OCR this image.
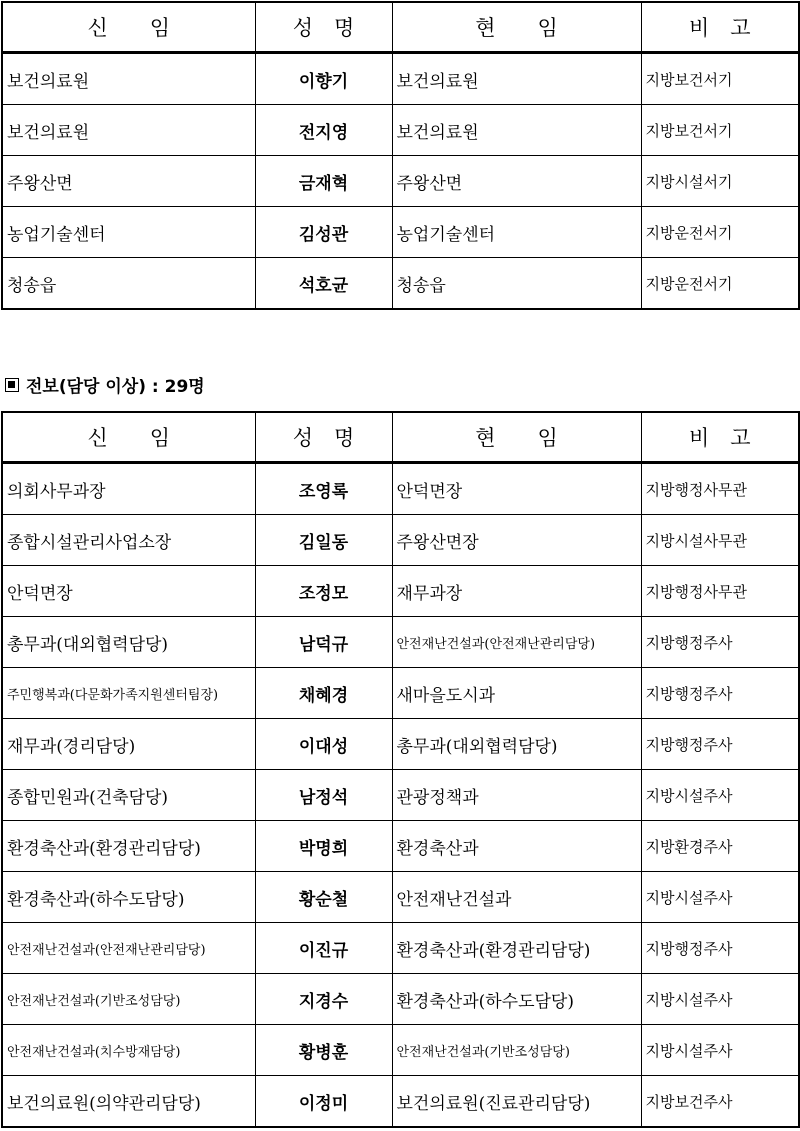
신　　임	성　명	현　　임	비　고
보건의료원	이향기	보건의료원	지방보건서기
보건의료원	전지영	보건의료원	지방보건서기
주왕산면	금재혁	주왕산면	지방시설서기
농업기술센터	김성관	농업기술센터	지방운전서기
청송읍	석호균	청송읍	지방운전서기
전보(담당 이상) : 29명
신　　임	성　명	현　　임	비　고
의회사무과장	조영록	안덕면장	지방행정사무관
종합시설관리사업소장	김일동	주왕산면장	지방시설사무관
안덕면장	조정모	재무과장	지방행정사무관
총무과(대외협력담당)	남덕규	안전재난건설과(안전재난관리담당)	지방행정주사
주민행복과(다문화가족지원센터팀장)	채혜경	새마을도시과	지방행정주사
재무과(경리담당)	이대성	총무과(대외협력담당)	지방행정주사
종합민원과(건축담당)	남정석	관광정책과	지방시설주사
환경축산과(환경관리담당)	박명희	환경축산과	지방환경주사
환경축산과(하수도담당)	황순철	안전재난건설과	지방시설주사
안전재난건설과(안전재난관리담당)	이진규	환경축산과(환경관리담당)	지방행정주사
안전재난건설과(기반조성담당)	지경수	환경축산과(하수도담당)	지방시설주사
안전재난건설과(치수방재담당)	황병훈	안전재난건설과(기반조성담당)	지방시설주사
보건의료원(의약관리담당)	이정미	보건의료원(진료관리담당)	지방보건주사
